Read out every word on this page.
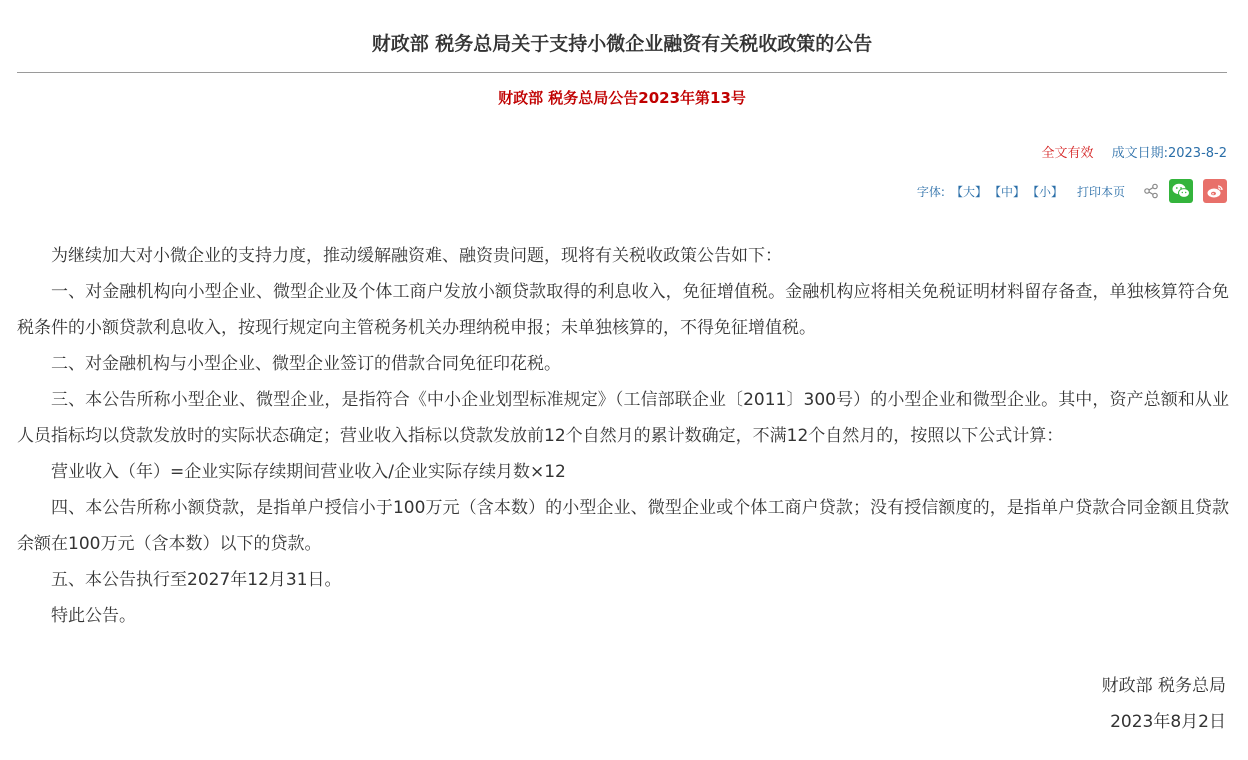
财政部 税务总局关于支持小微企业融资有关税收政策的公告
财政部 税务总局公告2023年第13号
全文有效 成文日期:2023-8-2
字体: 【大】 【中】 【小】 打印本页

为继续加大对小微企业的支持力度，推动缓解融资难、融资贵问题，现将有关税收政策公告如下：

一、对金融机构向小型企业、微型企业及个体工商户发放小额贷款取得的利息收入，免征增值税。金融机构应将相关免税证明材料留存备查，单独核算符合免税条件的小额贷款利息收入，按现行规定向主管税务机关办理纳税申报；未单独核算的，不得免征增值税。

二、对金融机构与小型企业、微型企业签订的借款合同免征印花税。

三、本公告所称小型企业、微型企业，是指符合《中小企业划型标准规定》（工信部联企业〔2011〕300号）的小型企业和微型企业。其中，资产总额和从业人员指标均以贷款发放时的实际状态确定；营业收入指标以贷款发放前12个自然月的累计数确定，不满12个自然月的，按照以下公式计算：

营业收入（年）=企业实际存续期间营业收入/企业实际存续月数×12

四、本公告所称小额贷款，是指单户授信小于100万元（含本数）的小型企业、微型企业或个体工商户贷款；没有授信额度的，是指单户贷款合同金额且贷款余额在100万元（含本数）以下的贷款。

五、本公告执行至2027年12月31日。

特此公告。

财政部 税务总局
2023年8月2日
